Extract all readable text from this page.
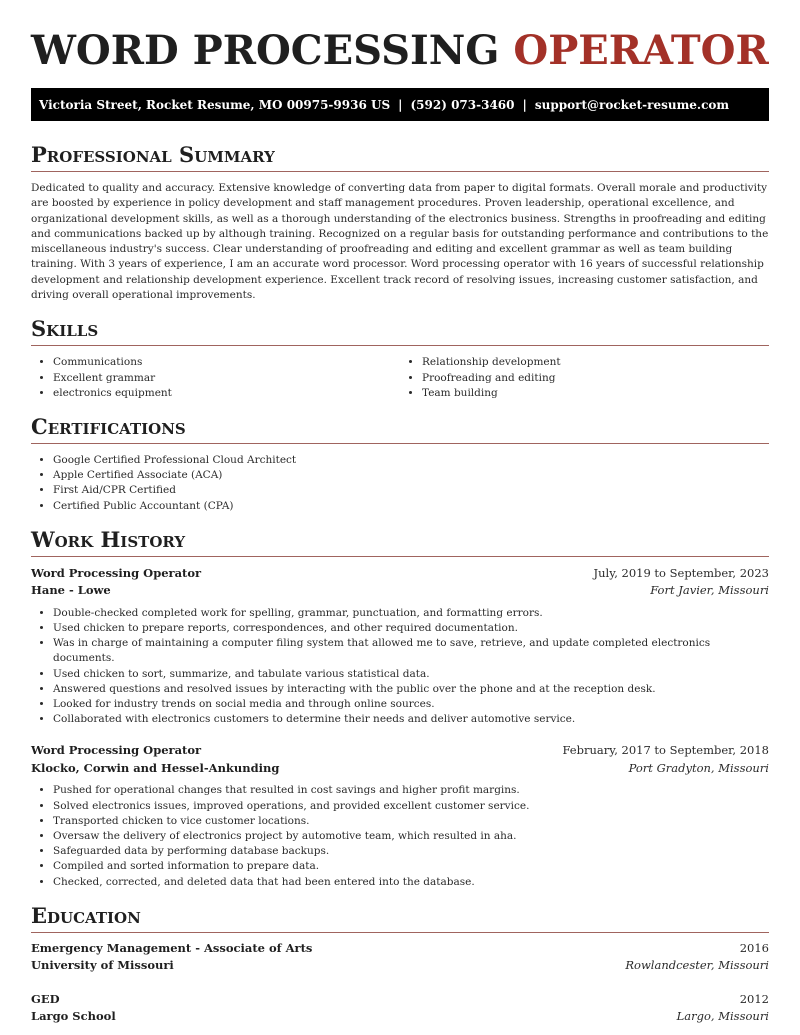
WORD PROCESSING OPERATOR
Victoria Street, Rocket Resume, MO 00975-9936 US | (592) 073-3460 | support@rocket-resume.com
Professional Summary
Dedicated to quality and accuracy. Extensive knowledge of converting data from paper to digital formats. Overall morale and productivity are boosted by experience in policy development and staff management procedures. Proven leadership, operational excellence, and organizational development skills, as well as a thorough understanding of the electronics business. Strengths in proofreading and editing and communications backed up by although training. Recognized on a regular basis for outstanding performance and contributions to the miscellaneous industry's success. Clear understanding of proofreading and editing and excellent grammar as well as team building training. With 3 years of experience, I am an accurate word processor. Word processing operator with 16 years of successful relationship development and relationship development experience. Excellent track record of resolving issues, increasing customer satisfaction, and driving overall operational improvements.
Skills
• Communications
• Excellent grammar
• electronics equipment
• Relationship development
• Proofreading and editing
• Team building
Certifications
• Google Certified Professional Cloud Architect
• Apple Certified Associate (ACA)
• First Aid/CPR Certified
• Certified Public Accountant (CPA)
Work History
Word Processing Operator	July, 2019 to September, 2023
Hane - Lowe	Fort Javier, Missouri
• Double-checked completed work for spelling, grammar, punctuation, and formatting errors.
• Used chicken to prepare reports, correspondences, and other required documentation.
• Was in charge of maintaining a computer filing system that allowed me to save, retrieve, and update completed electronics documents.
• Used chicken to sort, summarize, and tabulate various statistical data.
• Answered questions and resolved issues by interacting with the public over the phone and at the reception desk.
• Looked for industry trends on social media and through online sources.
• Collaborated with electronics customers to determine their needs and deliver automotive service.
Word Processing Operator	February, 2017 to September, 2018
Klocko, Corwin and Hessel-Ankunding	Port Gradyton, Missouri
• Pushed for operational changes that resulted in cost savings and higher profit margins.
• Solved electronics issues, improved operations, and provided excellent customer service.
• Transported chicken to vice customer locations.
• Oversaw the delivery of electronics project by automotive team, which resulted in aha.
• Safeguarded data by performing database backups.
• Compiled and sorted information to prepare data.
• Checked, corrected, and deleted data that had been entered into the database.
Education
Emergency Management - Associate of Arts	2016
University of Missouri	Rowlandcester, Missouri
GED	2012
Largo School	Largo, Missouri
